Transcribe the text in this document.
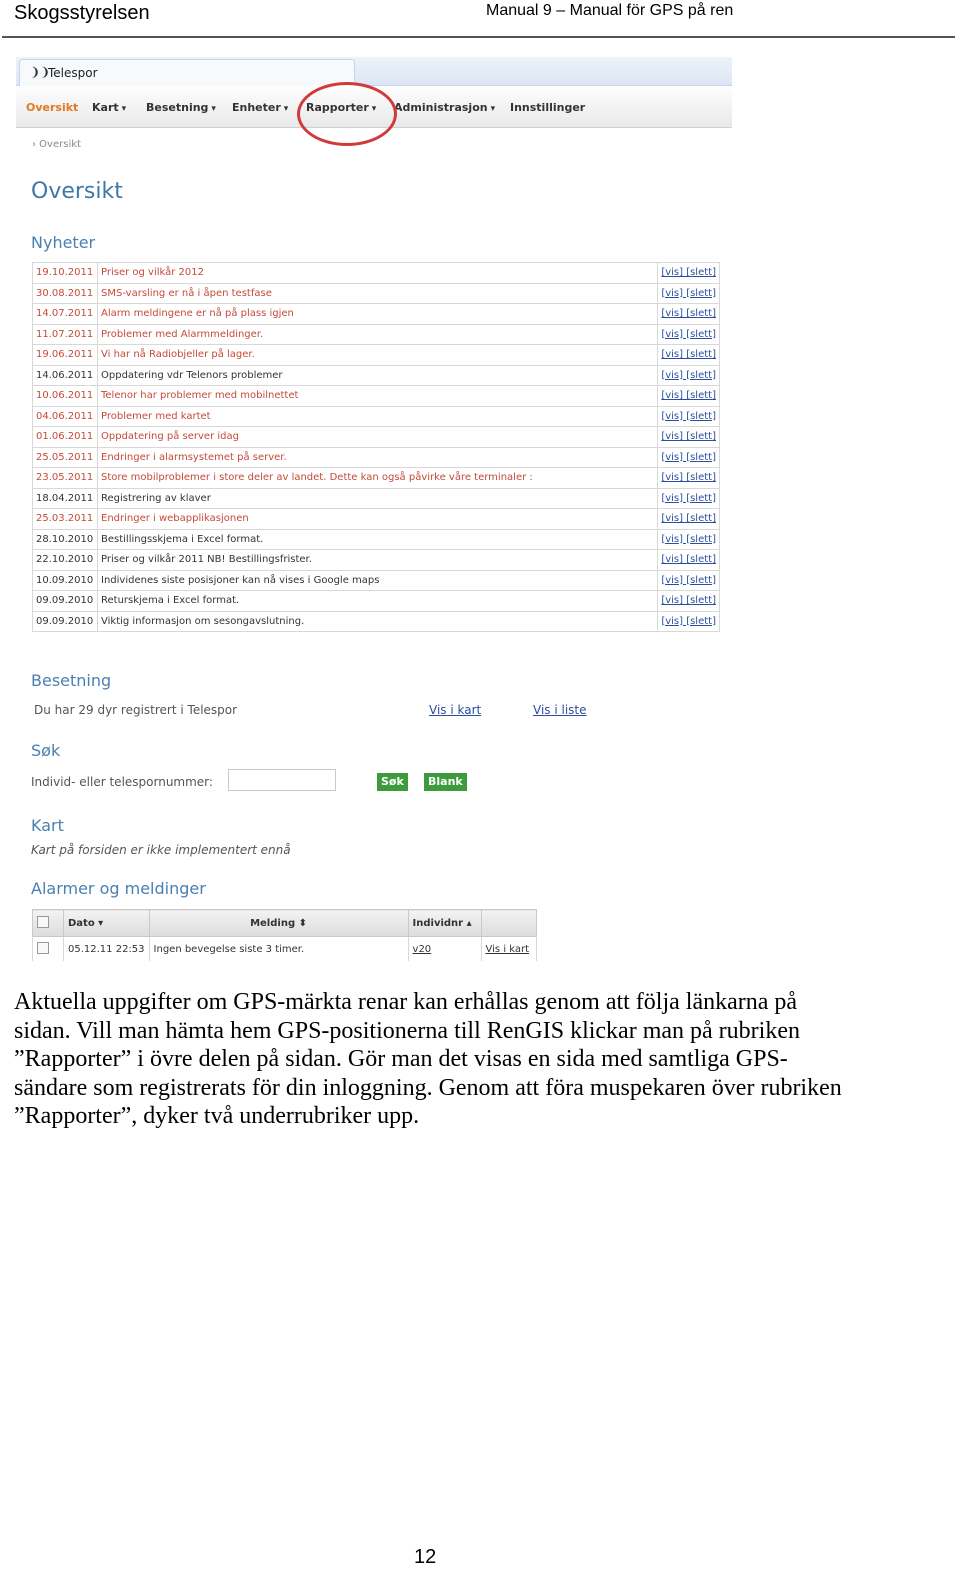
Skogsstyrelsen	Manual 9 – Manual för GPS på ren
❩❩
Telespor
Oversikt Kart ▾ Besetning ▾ Enheter ▾ Rapporter ▾ Administrasjon ▾ Innstillinger
› Oversikt
Oversikt
Nyheter
19.10.2011	Priser og vilkår 2012	[vis] [slett]
30.08.2011	SMS-varsling er nå i åpen testfase	[vis] [slett]
14.07.2011	Alarm meldingene er nå på plass igjen	[vis] [slett]
11.07.2011	Problemer med Alarmmeldinger.	[vis] [slett]
19.06.2011	Vi har nå Radiobjeller på lager.	[vis] [slett]
14.06.2011	Oppdatering vdr Telenors problemer	[vis] [slett]
10.06.2011	Telenor har problemer med mobilnettet	[vis] [slett]
04.06.2011	Problemer med kartet	[vis] [slett]
01.06.2011	Oppdatering på server idag	[vis] [slett]
25.05.2011	Endringer i alarmsystemet på server.	[vis] [slett]
23.05.2011	Store mobilproblemer i store deler av landet. Dette kan også påvirke våre terminaler :	[vis] [slett]
18.04.2011	Registrering av klaver	[vis] [slett]
25.03.2011	Endringer i webapplikasjonen	[vis] [slett]
28.10.2010	Bestillingsskjema i Excel format.	[vis] [slett]
22.10.2010	Priser og vilkår 2011 NB! Bestillingsfrister.	[vis] [slett]
10.09.2010	Individenes siste posisjoner kan nå vises i Google maps	[vis] [slett]
09.09.2010	Returskjema i Excel format.	[vis] [slett]
09.09.2010	Viktig informasjon om sesongavslutning.	[vis] [slett]
Besetning
Du har 29 dyr registrert i Telespor	Vis i kart	Vis i liste
Søk
Individ- eller telespornummer:	Søk	Blank
Kart
Kart på forsiden er ikke implementert ennå
Alarmer og meldinger
	Dato ▾	Melding ⬍	Individnr ▴	
	05.12.11 22:53	Ingen bevegelse siste 3 timer.	v20	Vis i kart
Aktuella uppgifter om GPS-märkta renar kan erhållas genom att följa länkarna på sidan. Vill man hämta hem GPS-positionerna till RenGIS klickar man på rubriken ”Rapporter” i övre delen på sidan. Gör man det visas en sida med samtliga GPS-sändare som registrerats för din inloggning. Genom att föra muspekaren över rubriken ”Rapporter”, dyker två underrubriker upp.
12
